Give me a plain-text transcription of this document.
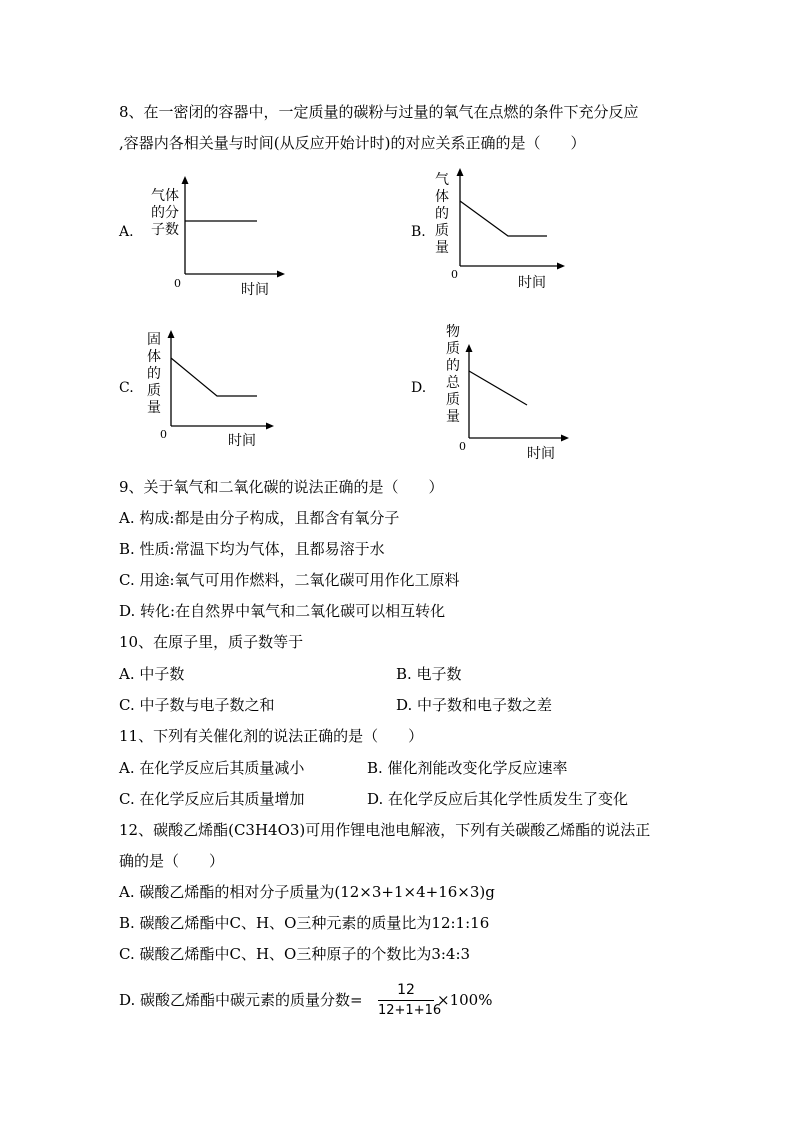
8、在一密闭的容器中，一定质量的碳粉与过量的氧气在点燃的条件下充分反应
,容器内各相关量与时间(从反应开始计时)的对应关系正确的是（　　）
A.
气体
的分
子数
0	时间
B.
气
体
的
质
量
0
时间
C.
固
体
的
质
量
0	时间
D.
物
质
的
总
质
量
0	时间
9、关于氧气和二氧化碳的说法正确的是（　　）
A. 构成:都是由分子构成，且都含有氧分子
B. 性质:常温下均为气体，且都易溶于水
C. 用途:氧气可用作燃料，二氧化碳可用作化工原料
D. 转化:在自然界中氧气和二氧化碳可以相互转化
10、在原子里，质子数等于
A. 中子数	B. 电子数
C. 中子数与电子数之和	D. 中子数和电子数之差
11、下列有关催化剂的说法正确的是（　　）
A. 在化学反应后其质量减小	B. 催化剂能改变化学反应速率
C. 在化学反应后其质量增加	D. 在化学反应后其化学性质发生了变化
12、碳酸乙烯酯(C3H4O3)可用作锂电池电解液，下列有关碳酸乙烯酯的说法正
确的是（　　）
A. 碳酸乙烯酯的相对分子质量为(12×3+1×4+16×3)g
B. 碳酸乙烯酯中C、H、O三种元素的质量比为12:1:16
C. 碳酸乙烯酯中C、H、O三种原子的个数比为3:4:3
D. 碳酸乙烯酯中碳元素的质量分数=
12
12+1+16
×100%
